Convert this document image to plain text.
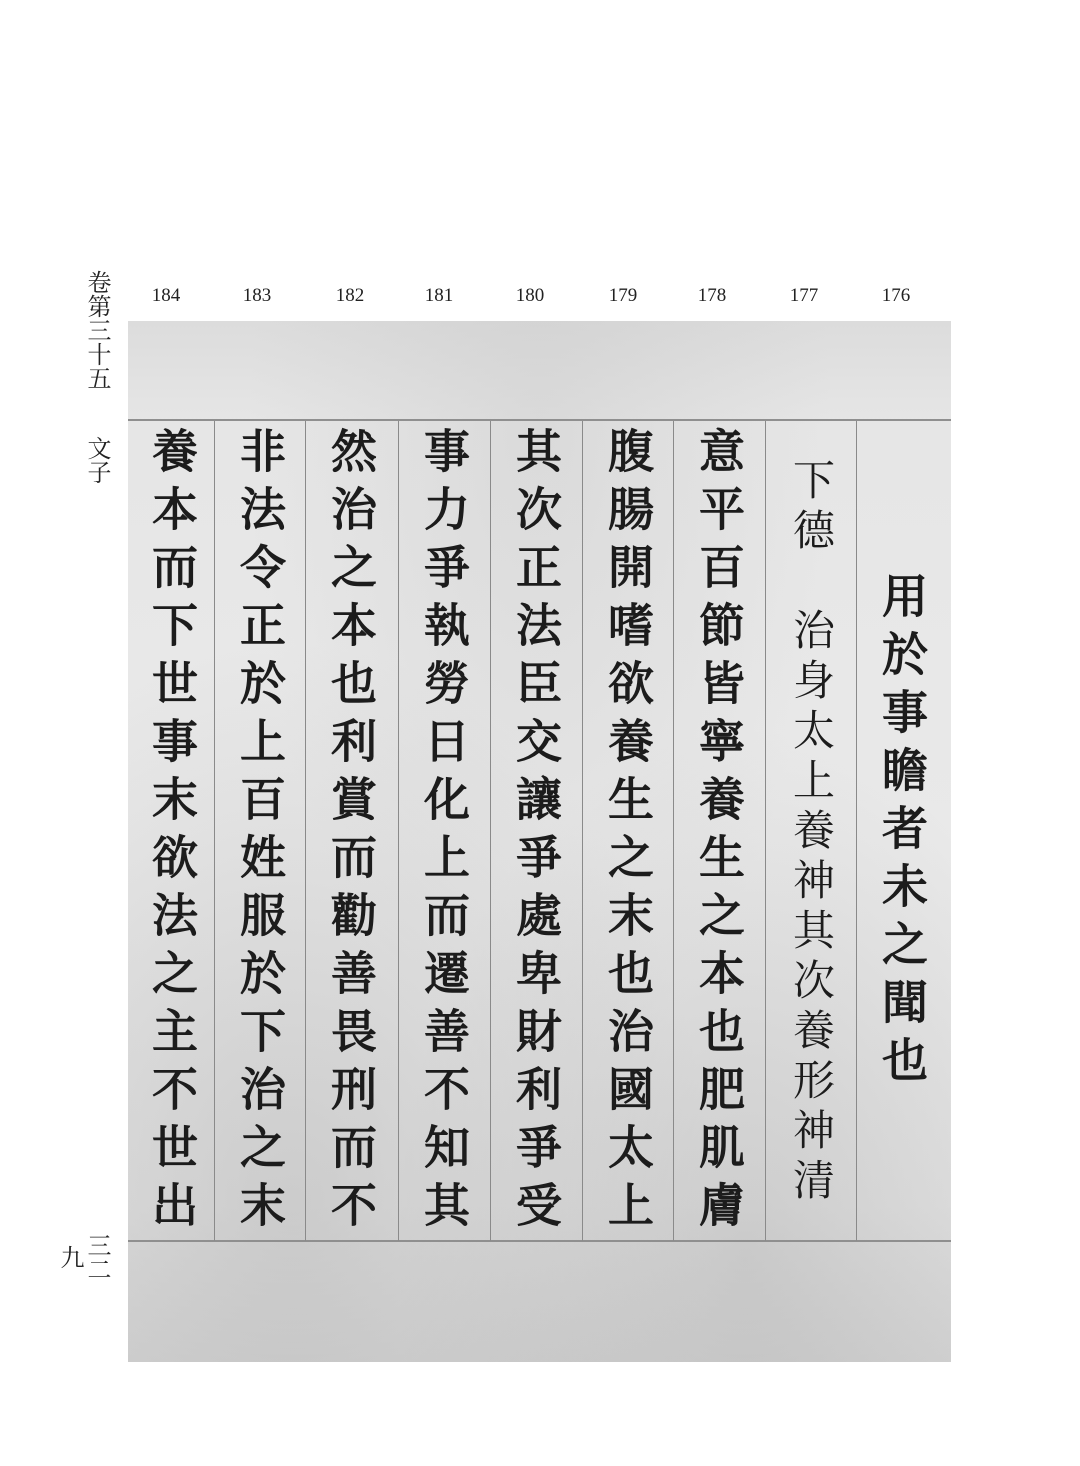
卷第三十五
文子
三二九
184	183	182	181	180	179	178	177	176
養本而下世事末欲法之主不世出
非法令正於上百姓服於下治之末
然治之本也利賞而勸善畏刑而不
事力爭執勞日化上而遷善不知其
其次正法臣交讓爭處卑財利爭受
腹腸開嗜欲養生之末也治國太上
意平百節皆寧養生之本也肥肌膚
下德　治身太上養神其次養形神清 用於事瞻者未之聞也
